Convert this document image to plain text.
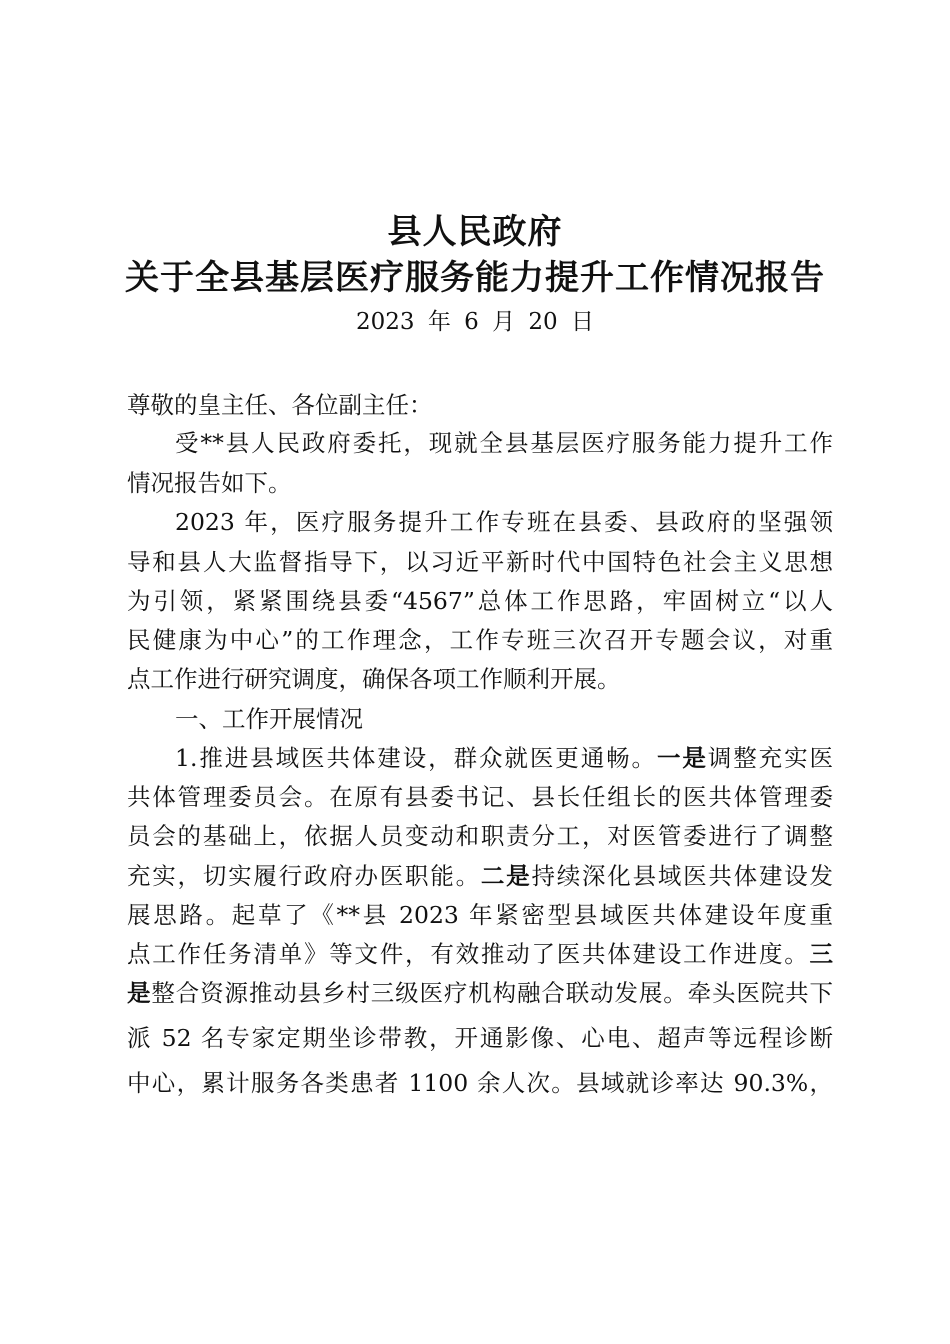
县人民政府
关于全县基层医疗服务能力提升工作情况报告
2023 年 6 月 20 日
尊敬的皇主任、各位副主任：
受**县人民政府委托，现就全县基层医疗服务能力提升工作
情况报告如下。
2023 年，医疗服务提升工作专班在县委、县政府的坚强领
导和县人大监督指导下，以习近平新时代中国特色社会主义思想
为引领，紧紧围绕县委“4567”总体工作思路，牢固树立“以人
民健康为中心”的工作理念，工作专班三次召开专题会议，对重
点工作进行研究调度，确保各项工作顺利开展。
一、工作开展情况
1.推进县域医共体建设，群众就医更通畅。一是调整充实医
共体管理委员会。在原有县委书记、县长任组长的医共体管理委
员会的基础上，依据人员变动和职责分工，对医管委进行了调整
充实，切实履行政府办医职能。二是持续深化县域医共体建设发
展思路。起草了《**县 2023 年紧密型县域医共体建设年度重
点工作任务清单》等文件，有效推动了医共体建设工作进度。三
是整合资源推动县乡村三级医疗机构融合联动发展。牵头医院共下
派 52 名专家定期坐诊带教，开通影像、心电、超声等远程诊断
中心，累计服务各类患者 1100 余人次。县域就诊率达 90.3%，
